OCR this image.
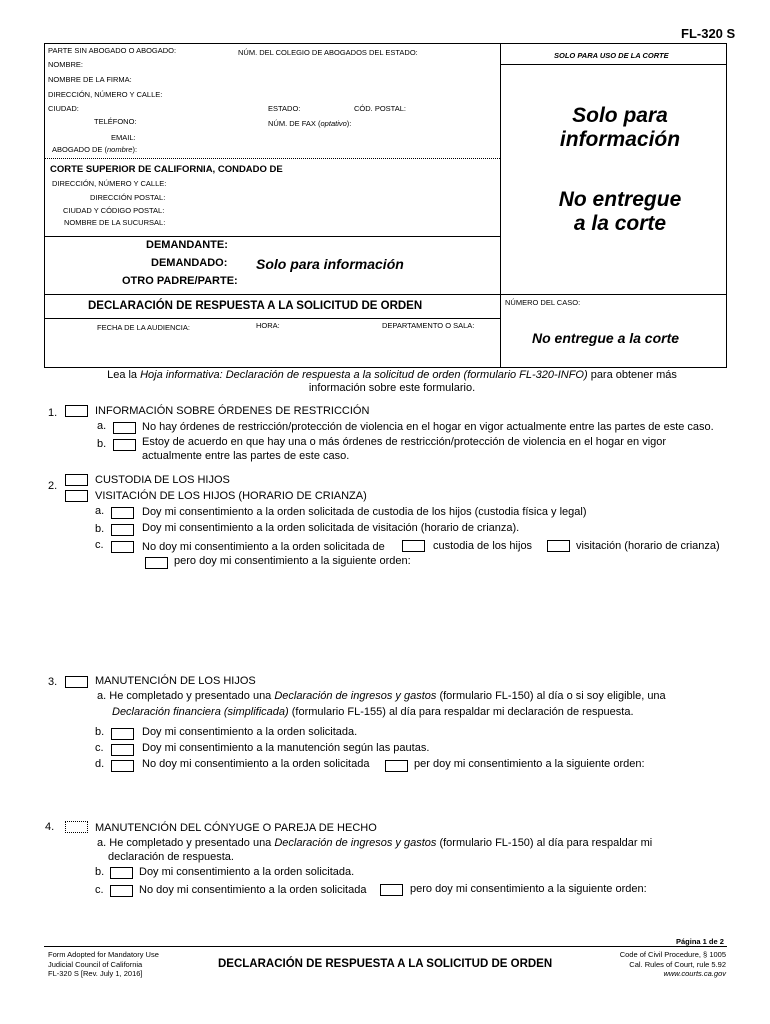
FL-320 S
SOLO PARA USO DE LA CORTE
PARTE SIN ABOGADO O ABOGADO:	NÚM. DEL COLEGIO DE ABOGADOS DEL ESTADO:
NOMBRE:
NOMBRE DE LA FIRMA:
DIRECCIÓN, NÚMERO Y CALLE:
CIUDAD:	ESTADO:	CÓD. POSTAL:
TELÉFONO:	NÚM. DE FAX (optativo):
EMAIL:
ABOGADO DE (nombre):
CORTE SUPERIOR DE CALIFORNIA, CONDADO DE
DIRECCIÓN, NÚMERO Y CALLE:
DIRECCIÓN POSTAL:
CIUDAD Y CÓDIGO POSTAL:
NOMBRE DE LA SUCURSAL:
DEMANDANTE:
DEMANDADO:
OTRO PADRE/PARTE:
Solo para información
Solo para
información
No entregue
a la corte
DECLARACIÓN DE RESPUESTA A LA SOLICITUD DE ORDEN	NÚMERO DEL CASO:
No entregue a la corte
FECHA DE LA AUDIENCIA:	HORA:	DEPARTAMENTO O SALA:
Lea la Hoja informativa: Declaración de respuesta a la solicitud de orden (formulario FL-320-INFO) para obtener más
información sobre este formulario.
1.	INFORMACIÓN SOBRE ÓRDENES DE RESTRICCIÓN
a.	No hay órdenes de restricción/protección de violencia en el hogar en vigor actualmente entre las partes de este caso.
b.	Estoy de acuerdo en que hay una o más órdenes de restricción/protección de violencia en el hogar en vigor
actualmente entre las partes de este caso.
2.	CUSTODIA DE LOS HIJOS
VISITACIÓN DE LOS HIJOS (HORARIO DE CRIANZA)
a.	Doy mi consentimiento a la orden solicitada de custodia de los hijos (custodia física y legal)
b.	Doy mi consentimiento a la orden solicitada de visitación (horario de crianza).
c.	No doy mi consentimiento a la orden solicitada de	custodia de los hijos	visitación (horario de crianza)
pero doy mi consentimiento a la siguiente orden:
3.	MANUTENCIÓN DE LOS HIJOS
a. He completado y presentado una Declaración de ingresos y gastos (formulario FL-150) al día o si soy eligible, una
Declaración financiera (simplificada) (formulario FL-155) al día para respaldar mi declaración de respuesta.
b.	Doy mi consentimiento a la orden solicitada.
c.	Doy mi consentimiento a la manutención según las pautas.
d.	No doy mi consentimiento a la orden solicitada	per doy mi consentimiento a la siguiente orden:
4.	MANUTENCIÓN DEL CÓNYUGE O PAREJA DE HECHO
a. He completado y presentado una Declaración de ingresos y gastos (formulario FL-150) al día para respaldar mi
declaración de respuesta.
b.	Doy mi consentimiento a la orden solicitada.
c.	No doy mi consentimiento a la orden solicitada	pero doy mi consentimiento a la siguiente orden:
Página 1 de 2
Form Adopted for Mandatory Use
Judicial Council of California
FL-320 S [Rev. July 1, 2016]
DECLARACIÓN DE RESPUESTA A LA SOLICITUD DE ORDEN
Code of Civil Procedure, § 1005
Cal. Rules of Court, rule 5.92
www.courts.ca.gov
